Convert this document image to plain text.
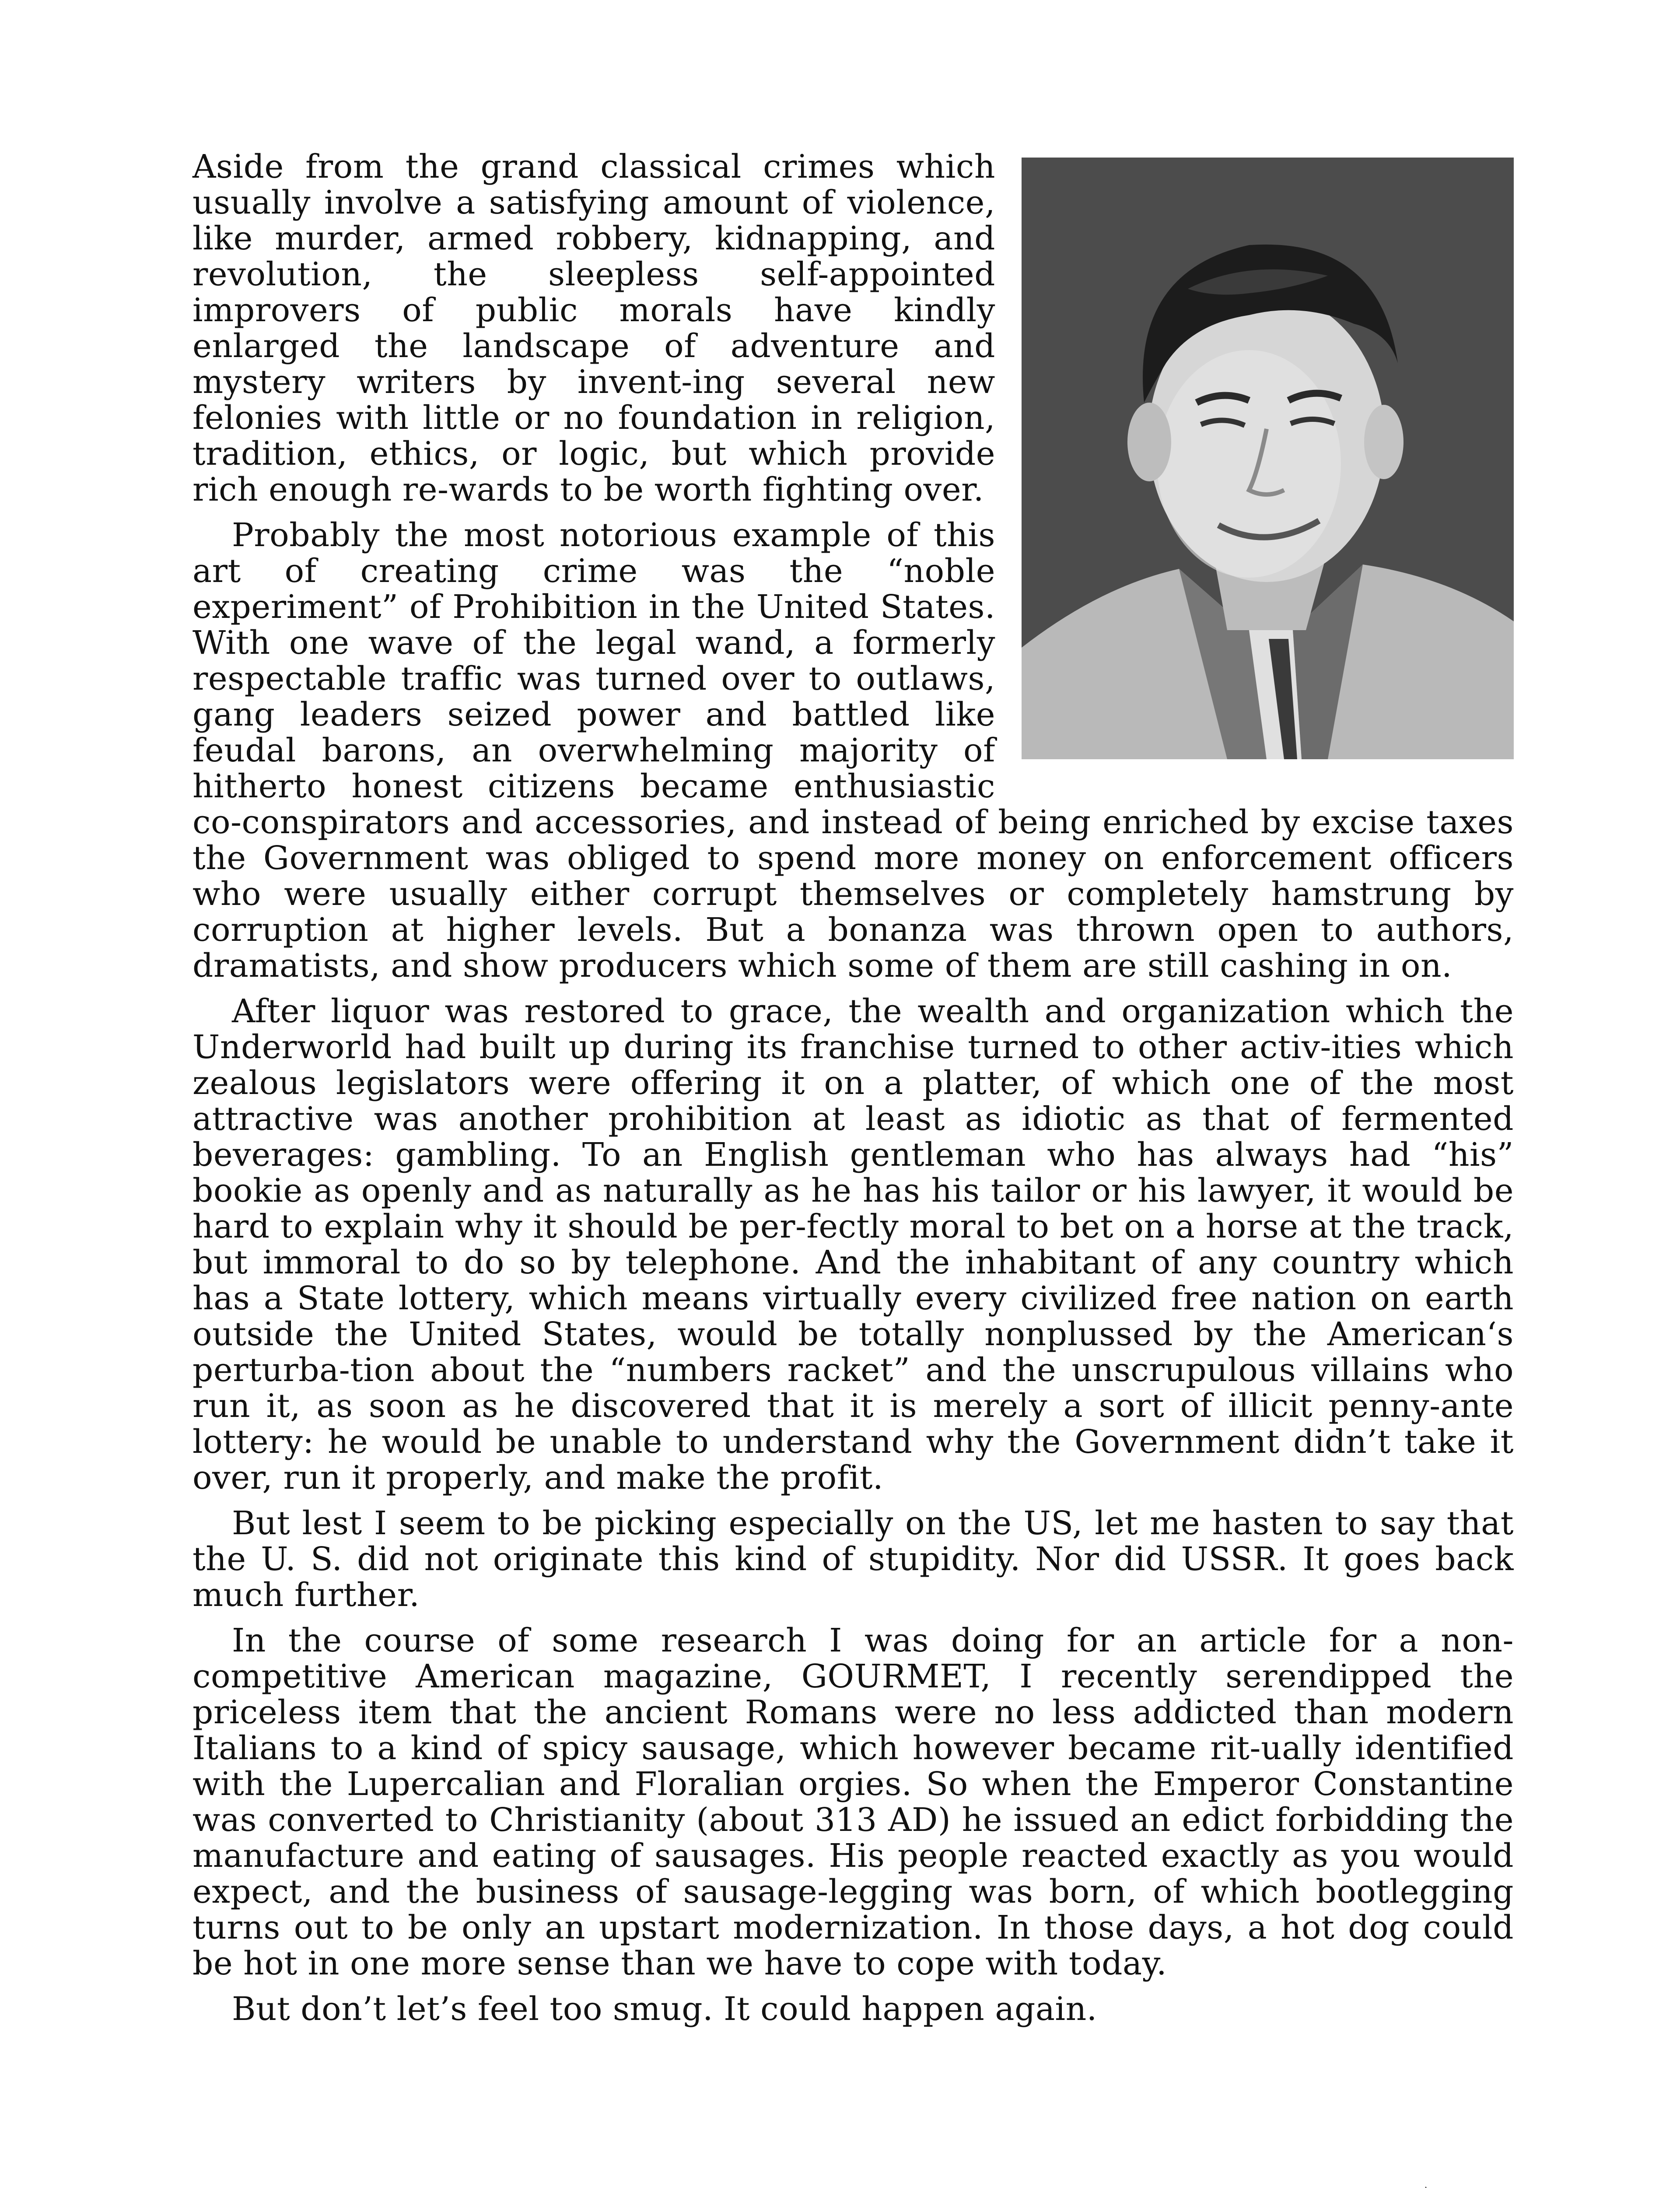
Aside from the grand classical crimes which usually involve a satisfying amount of violence, like murder, armed robbery, kidnapping, and revolution, the sleepless self-appointed improvers of public morals have kindly enlarged the landscape of adventure and mystery writers by invent-ing several new felonies with little or no foundation in religion, tradition, ethics, or logic, but which provide rich enough re-wards to be worth fighting over.

Probably the most notorious example of this art of creating crime was the “noble experiment” of Prohibition in the United States. With one wave of the legal wand, a formerly respectable traffic was turned over to outlaws, gang leaders seized power and battled like feudal barons, an overwhelming majority of hitherto honest citizens became enthusiastic co-conspirators and accessories, and instead of being enriched by excise taxes the Government was obliged to spend more money on enforcement officers who were usually either corrupt themselves or completely hamstrung by corruption at higher levels. But a bonanza was thrown open to authors, dramatists, and show producers which some of them are still cashing in on.

After liquor was restored to grace, the wealth and organization which the Underworld had built up during its franchise turned to other activ-ities which zealous legislators were offering it on a platter, of which one of the most attractive was another prohibition at least as idiotic as that of fermented beverages: gambling. To an English gentleman who has always had “his” bookie as openly and as naturally as he has his tailor or his lawyer, it would be hard to explain why it should be per-fectly moral to bet on a horse at the track, but immoral to do so by telephone. And the inhabitant of any country which has a State lottery, which means virtually every civilized free nation on earth outside the United States, would be totally nonplussed by the American‘s perturba-tion about the “numbers racket” and the unscrupulous villains who run it, as soon as he discovered that it is merely a sort of illicit penny-ante lottery: he would be unable to understand why the Government didn’t take it over, run it properly, and make the profit.

But lest I seem to be picking especially on the US, let me hasten to say that the U. S. did not originate this kind of stupidity. Nor did USSR. It goes back much further.

In the course of some research I was doing for an article for a non-competitive American magazine, GOURMET, I recently serendipped the priceless item that the ancient Romans were no less addicted than modern Italians to a kind of spicy sausage, which however became rit-ually identified with the Lupercalian and Floralian orgies. So when the Emperor Constantine was converted to Christianity (about 313 AD) he issued an edict forbidding the manufacture and eating of sausages. His people reacted exactly as you would expect, and the business of sausage-legging was born, of which bootlegging turns out to be only an upstart modernization. In those days, a hot dog could be hot in one more sense than we have to cope with today.

But don’t let’s feel too smug. It could happen again.
